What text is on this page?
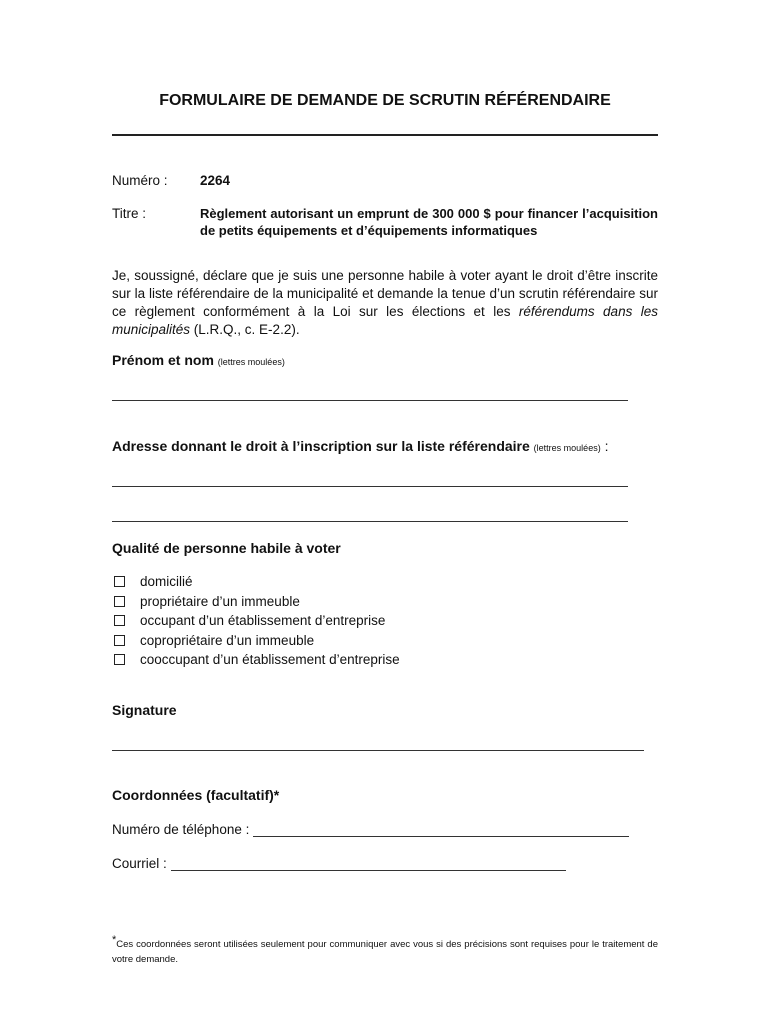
FORMULAIRE DE DEMANDE DE SCRUTIN RÉFÉRENDAIRE
Numéro : 2264
Titre :	Règlement autorisant un emprunt de 300 000 $ pour financer l’acquisition de petits équipements et d’équipements informatiques
Je, soussigné, déclare que je suis une personne habile à voter ayant le droit d’être inscrite sur la liste référendaire de la municipalité et demande la tenue d’un scrutin référendaire sur ce règlement conformément à la Loi sur les élections et les référendums dans les municipalités (L.R.Q., c. E-2.2).
Prénom et nom (lettres moulées)
Adresse donnant le droit à l’inscription sur la liste référendaire (lettres moulées) :
Qualité de personne habile à voter
domicilié
propriétaire d’un immeuble
occupant d’un établissement d’entreprise
copropriétaire d’un immeuble
cooccupant d’un établissement d’entreprise
Signature
Coordonnées (facultatif)*
Numéro de téléphone :
Courriel :
*Ces coordonnées seront utilisées seulement pour communiquer avec vous si des précisions sont requises pour le traitement de votre demande.
